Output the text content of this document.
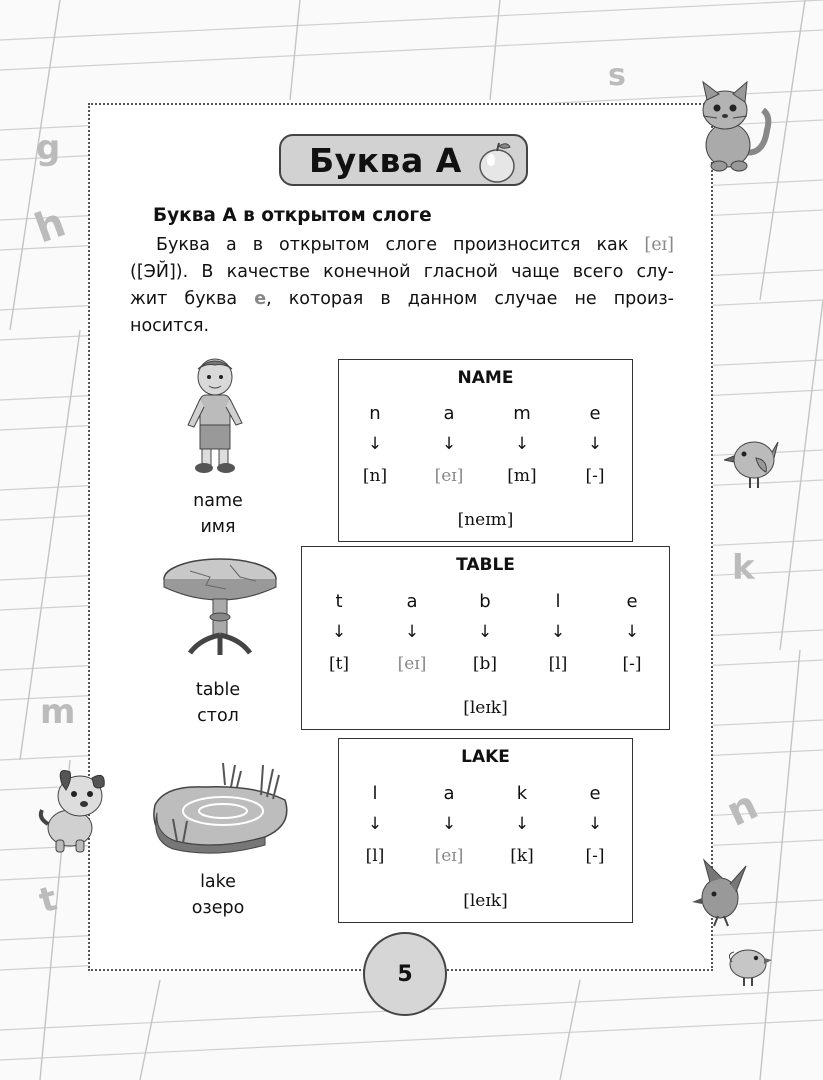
s
g
h
k
m
n
t
Буква А
Буква А в открытом слоге
Буква а в открытом слоге произносится как [eɪ]
([ЭЙ]). В качестве конечной гласной чаще всего слу-
жит буква e, которая в данном случае не произ-
носится.
name
имя
NAME
n
↓
[n]
a
↓
[eɪ]
m
↓
[m]
e
↓
[-]
[neɪm]
table
стол
TABLE
t
↓
[t]
a
↓
[eɪ]
b
↓
[b]
l
↓
[l]
e
↓
[-]
[leɪk]
lake
озеро
LAKE
l
↓
[l]
a
↓
[eɪ]
k
↓
[k]
e
↓
[-]
[leɪk]
5
